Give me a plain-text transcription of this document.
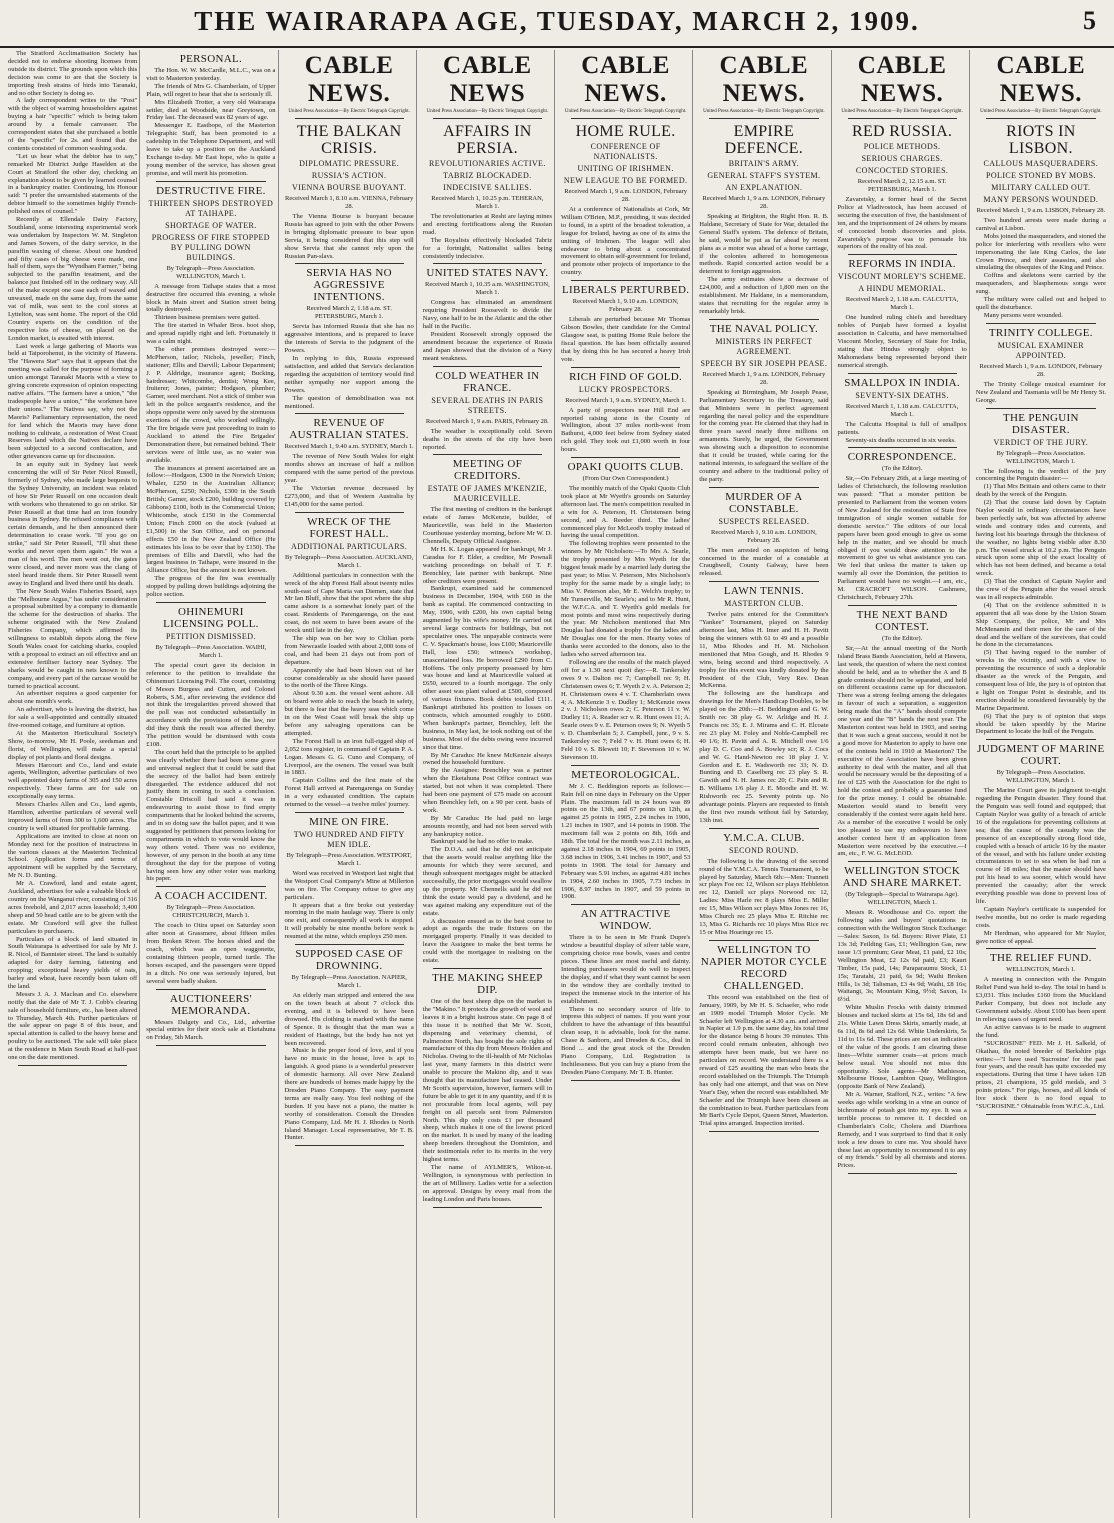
THE WAIRARAPA AGE, TUESDAY, MARCH 2, 1909.	5

The Stratford Acclimatisation Society has decided not to endorse shooting licenses from outside its district. The grounds upon which this decision was come to are that the Society is importing fresh strains of birds into Taranaki, and no other Society is doing so.

A lady correspondent writes to the "Post" with the object of warning householders against buying a hair "specific" which is being taken around by a female canvasser. The correspondent states that she purchased a bottle of the "specific" for 2s. and found that the contents consisted of common washing soda.

"Let us hear what the debtor has to say," remarked Mr District Judge Haselden at the Court at Stratford the other day, checking an explanation about to be given by learned counsel in a bankruptcy matter. Continuing, his Honour said: "I prefer the unvarnished statements of the debtor himself to the sometimes highly French-polished ones of counsel."

Recently at Ellendale Dairy Factory, Southland, some interesting experimental work was undertaken by Inspectors W. M. Singleton and James Sowers, of the dairy service, in the paraffin waxing of cheese. About one hundred and fifty cases of big cheese were made, one half of them, says the "Wyndham Farmer," being subjected to the paraffin treatment, and the balance just finished off in the ordinary way. All of the make except one case each of waxed and unwaxed, made on the same day, from the same vat of milk, was sent to the cool stores at Lyttelton, was sent home. The report of the Old Country experts on the condition of the respective lots of cheese, on placed on the London market, is awaited with interest.

Last week a large gathering of Maoris was held at Taiporohenui, in the vicinity of Hawera. The "Hawera Star" says that it appears that the meeting was called for the purpose of forming a union amongst Taranaki Maoris with a view to giving concrete expression of opinion respecting native affairs. "The farmers have a union," "the tradespeople have a union," "the workmen have their unions." The Natives say, why not the Maoris? Parliamentary representation, the need for land which the Maoris may have done nothing to cultivate, a restoration of West Coast Reserves land which the Natives declare have been subjected to a second confiscation, and other grievances came up for discussion.

In an equity suit in Sydney last week concerning the will of Sir Peter Nicol Russell, formerly of Sydney, who made large bequests to the Sydney University, an incident was related of how Sir Peter Russell on one occasion dealt with workers who threatened to go on strike. Sir Peter Russell at that time had an iron foundry business in Sydney. He refused compliance with certain demands, and he then announced their determination to cease work. "If you go on strike," said Sir Peter Russell, "I'll shut these works and never open them again." He was a man of his word. The men went out, the gates were closed, and never more was the clang of steel heard inside them. Sir Peter Russell went away to England and lived there until his death.

The New South Wales Fisheries Board, says the "Melbourne Argus," has under consideration a proposal submitted by a company to dismantle the scheme for the destruction of sharks. The scheme originated with the New Zealand Fisheries Company, which affirmed its willingness to establish depots along the New South Wales coast for catching sharks, coupled with a proposal to extract an oil effective and an extensive fertiliser factory near Sydney. The sharks would be caught in nets known to the company, and every part of the carcase would be turned to practical account.

An advertiser requires a good carpenter for about one month's work.

An advertiser, who is leaving the district, has for sale a well-appointed and centrally situated five-roomed cottage, and furniture at option.

At the Masterton Horticultural Society's Show, to-morrow, Mr H. Poole, seedsman and florist, of Wellington, will make a special display of pot plants and floral designs.

Messrs Harcourt and Co., land and estate agents, Wellington, advertise particulars of two well appointed dairy farms of 305 and 150 acres respectively. These farms are for sale on exceptionally easy terms.

Messrs Charles Allen and Co., land agents, Hamilton, advertise particulars of several well improved farms of from 300 to 1,600 acres. The country is well situated for profitable farming.

Applications are invited to close at noon on Monday next for the position of instructress in the various classes at the Masterton Technical School. Application forms and terms of appointment will be supplied by the Secretary, Mr N. D. Bunting.

Mr A. Crawford, land and estate agent, Auckland, advertises for sale a valuable block of country on the Wanganui river, consisting of 316 acres freehold, and 2,017 acres leasehold; 3,400 sheep and 50 head cattle are to be given with the estate. Mr Crawford will give the fullest particulars to purchasers.

Particulars of a block of land situated in South Wairarapa is advertised for sale by Mr J. R. Nicol, of Bannister street. The land is suitably adapted for dairy farming, fattening and cropping; exceptional heavy yields of oats, barley and wheat, have recently been taken off the land.

Messrs J. A. J. Maclean and Co. elsewhere notify that the date of Mr T. J. Cobb's clearing sale of household furniture, etc., has been altered to Thursday, March 4th. Further particulars of the sale appear on page 8 of this issue, and special attention is called to the heavy horse and poultry to be auctioned. The sale will take place at the residence in Main South Road at half-past one on the date mentioned.

PERSONAL.

The Hon. W. W. McCardle, M.L.C., was on a visit to Masterton yesterday.

The friends of Mrs G. Chamberlain, of Upper Plain, will regret to hear that she is seriously ill.

Mrs Elizabeth Trotter, a very old Wairarapa settler, died at Woodside, near Greytown, on Friday last. The deceased was 82 years of age.

Messenger E. Eastbope, of the Masterton Telegraphic Staff, has been promoted to a cadetship in the Telephone Department, and will leave to take up a position on the Auckland Exchange to-day. Mr East hope, who is quite a young member of the service, has shown great promise, and will merit his promotion.

DESTRUCTIVE FIRE.
THIRTEEN SHOPS DESTROYED AT TAIHAPE.
SHORTAGE OF WATER.
PROGRESS OF FIRE STOPPED BY PULLING DOWN BUILDINGS.
By Telegraph—Press Association. WELLINGTON, March 1.

A message from Taihape states that a most destructive fire occurred this evening, a whole block in Main street and Station street being totally destroyed.

Thirteen business premises were gutted.

The fire started in Whaler Bros. boot shop, and spread rapidly right and left. Fortunately it was a calm night.

The other premises destroyed were:—McPherson, tailor; Nichols, jeweller; Finch, stationer; Ellis and Darvill; Labour Department; J. P. Aldridge, insurance agent; Bucking, hairdresser; Whitcombe, dentist; Wong Kee, fruiterer; Jones, painter; Hodgson, plumber; Gamer, seed merchant. Not a stick of timber was left in the police sergeant's residence, and the shops opposite were only saved by the strenuous exertions of the crowd, who worked willingly. The fire brigade were just proceeding to train to Auckland to attend the Fire Brigades' Demonstration there, but remained behind. Their services were of little use, as no water was available.

The insurances at present ascertained are as follow:—Hodgson, £300 in the Norwich Union; Whaler, £250 in the Australian Alliance; McPherson, £250; Nichols, £300 in the South British; Garner, stock £200, building covered by Gibbons) £100, both in the Commercial Union; Whitcombe, stock £150 in the Commercial Union; Finch £900 on the stock (valued at £1,500) in the Sun Office, and on personal effects £50 in the New Zealand Office (He estimates his loss to be over that by £150). The premises of Ellis and Darvill, who had the largest business in Taihape, were insured in the Alliance Office, but the amount is not known.

The progress of the fire was eventually stopped by pulling down buildings adjoining the police section.

OHINEMURI LICENSING POLL.
PETITION DISMISSED.
By Telegraph—Press Association. WAIHI, March 1.

The special court gave its decision in reference to the petition to invalidate the Ohinemuri Licensing Poll. The court, consisting of Messrs Burgess and Cutten, and Colonel Roberts, S.M., after reviewing the evidence did not think the irregularities proved showed that the poll was not conducted substantially in accordance with the provisions of the law, nor did they think the result was affected thereby. The petition would be dismissed with costs £108.

The court held that the principle to be applied was clearly whether there had been some grave and universal neglect that it could be said that the secrecy of the ballot had been entirely disregarded. The evidence adduced did not justify them in coming to such a conclusion. Constable Driscoll had said it was in endeavouring to assist those to find empty compartments that he looked behind the screens, and in so doing saw the ballot paper, and it was suggested by petitioners that persons looking for compartments in which to vote would know the way others voted. There was no evidence, however, of any person in the booth at any time throughout the day for the purpose of voting having seen how any other voter was marking his paper.

A COACH ACCIDENT.
By Telegraph—Press Association. CHRISTCHURCH, March 1.

The coach to Otira upset on Saturday soon after noon at Grassmere, about fifteen miles from Broken River. The horses shied and the coach, which was an open waggonette, containing thirteen people, turned turtle. The horses escaped, and the passengers were tipped in a ditch. No one was seriously injured, but several were badly shaken.

AUCTIONEERS' MEMORANDA.

Messrs Dalgety and Co., Ltd., advertise special entries for their stock sale at Eketahuna on Friday, 5th March.

CABLE NEWS.
United Press Association—By Electric Telegraph Copyright.
THE BALKAN CRISIS.
DIPLOMATIC PRESSURE.
RUSSIA'S ACTION.
VIENNA BOURSE BUOYANT.
Received March 1, 8.10 a.m. VIENNA, February 28.

The Vienna Bourse is buoyant because Russia has agreed to join with the other Powers in bringing diplomatic pressure to bear upon Servia, it being considered that this step will show Servia that she cannot rely upon the Russian Pan-slavs.

SERVIA HAS NO AGGRESSIVE INTENTIONS.
Received March 2, 1.18 a.m. ST. PETERSBURG, March 1.

Servia has informed Russia that she has no aggressive intentions, and is prepared to leave the interests of Servia to the judgment of the Powers.

In replying to this, Russia expressed satisfaction, and added that Servia's declaration regarding the acquisition of territory would find neither sympathy nor support among the Powers.

The question of demobilisation was not mentioned.

REVENUE OF AUSTRALIAN STATES.
Received March 1, 9.40 a.m. SYDNEY, March 1.

The revenue of New South Wales for eight months shows an increase of half a million compared with the same period of the previous year.

The Victorian revenue decreased by £273,000, and that of Western Australia by £145,000 for the same period.

WRECK OF THE FOREST HALL.
ADDITIONAL PARTICULARS.
By Telegraph—Press Association. AUCKLAND, March 1.

Additional particulars in connection with the wreck of the ship Forest Hall about twenty miles south-east of Cape Maria van Diemen, state that Mr Ian Bluff, show that the spot where the ship came ashore is a somewhat lonely part of the coast. Residents of Parengarenga, on the east coast, do not seem to have been aware of the wreck until late in the day.

The ship was on her way to Chilian ports from Newcastle loaded with about 2,000 tons of coal, and had been 21 days out from port of departure.

Apparently she had been blown out of her course considerably as she should have passed to the north of the Three Kings.

About 9.30 a.m. the vessel went ashore. All on board were able to reach the beach in safety, but there is fear that the heavy seas which come in on the West Coast will break the ship up before any salvaging operations can be attempted.

The Forest Hall is an iron full-rigged ship of 2,052 tons register, in command of Captain P. A. Logan. Messrs G. G. Cuno and Company, of Liverpool, are the owners. The vessel was built in 1883.

Captain Collins and the first mate of the Forest Hall arrived at Parengarenga on Sunday in a very exhausted condition. The captain returned to the vessel—a twelve miles' journey.

MINE ON FIRE.
TWO HUNDRED AND FIFTY MEN IDLE.
By Telegraph—Press Association. WESTPORT, March 1.

Word was received in Westport last night that the Westport Coal Company's Mine at Millerton was on fire. The Company refuse to give any particulars.

It appears that a fire broke out yesterday morning in the main haulage way. There is only one exit, and consequently all work is stopped. It will probably be nine months before work is resumed at the mine, which employs 250 men.

SUPPOSED CASE OF DROWNING.
By Telegraph—Press Association. NAPIER, March 1.

An elderly man stripped and entered the sea on the town beach at about 7 o'clock this evening, and it is believed to have been drowned. His clothing is marked with the name of Spence. It is thought that the man was a resident of Hastings, but the body has not yet been recovered.

Music is the proper food of love, and if you have no music in the house, love is apt to languish. A good piano is a wonderful preserver of domestic harmony. All over New Zealand there are hundreds of homes made happy by the Dresden Piano Company. The easy payment terms are really easy. You feel nothing of the burden. If you have not a piano, the matter is worthy of consideration. Consult the Dresden Piano Company, Ltd. Mr H. J. Rhodes is North Island Manager. Local representative, Mr T. B. Hunter.

CABLE NEWS
United Press Association—By Electric Telegraph Copyright.
AFFAIRS IN PERSIA.
REVOLUTIONARIES ACTIVE.
TABRIZ BLOCKADED.
INDECISIVE SALLIES.
Received March 1, 10.25 p.m. TEHERAN, March 1.

The revolutionaries at Resht are laying mines and erecting fortifications along the Russian road.

The Royalists effectively blockaded Tabriz for a fortnight, Nationalist sallies being consistently indecisive.

UNITED STATES NAVY.
Received March 1, 10.35 a.m. WASHINGTON, March 1.

Congress has eliminated an amendment requiring President Roosevelt to divide the Navy, one half to be in the Atlantic and the other half in the Pacific.

President Roosevelt strongly opposed the amendment because the experience of Russia and Japan showed that the division of a Navy meant weakness.

COLD WEATHER IN FRANCE.
SEVERAL DEATHS IN PARIS STREETS.
Received March 1, 9 a.m. PARIS, February 28.

The weather is exceptionally cold. Seven deaths in the streets of the city have been reported.

MEETING OF CREDITORS.
ESTATE OF JAMES M'KENZIE, MAURICEVILLE.

The first meeting of creditors in the bankrupt estate of James McKenzie, builder, of Mauriceville, was held in the Masterton Courthouse yesterday morning, before Mr W. D. Chennells, Deputy Official Assignee.

Mr H. K. Logan appeared for bankrupt, Mr J. Caradus for F. Elder, a creditor, Mr Pownall watching proceedings on behalf of T. F. Brenchley, late partner with bankrupt. Nine other creditors were present.

Bankrupt, examined said he commenced business in December, 1904, with £60 in the bank as capital. He commenced contracting in May, 1906, with £200, his own capital being augmented by his wife's money. He carried out several large contracts for buildings, but not speculative ones. The unpayable contracts were C. V. Spackman's house, loss £100; Mauriceville Hall, loss £50; witness's workshop, unascertained loss. He borrowed £290 from C. Hoffens. The only property possessed by him was house and land at Mauriceville valued at £650, secured to a fourth mortgage. The only other asset was plant valued at £500, composed of various fixtures. Book debts totalled £111. Bankrupt attributed his position to losses on contracts, which amounted roughly to £600. When bankrupt's partner, Brenchley, left the business, in May last, he took nothing out of the business. Most of the debts owing were incurred since that time.

By Mr Caradus: He knew McKenzie always owned the household furniture.

By the Assignee: Brenchley was a partner when the Eketahuna Post Office contract was started, but not when it was completed. There had been one payment of £75 made on account when Brenchley left, on a 90 per cent. basis of work.

By Mr Caradus: He had paid no large amounts recently, and had not been served with any bankruptcy notice.

Bankrupt said he had no offer to make.

The D.O.A. said that he did not anticipate that the assets would realise anything like the amounts for which they were secured, and though subsequent mortgages might be attacked successfully, the prior mortgages would swallow up the property. Mr Chennells said he did not think the estate would pay a dividend, and he was against making any expenditure out of the estate.

A discussion ensued as to the best course to adopt as regards the trade fixtures on the mortgaged property. Finally it was decided to leave the Assignee to make the best terms he could with the mortgagee in realising on the estate.

THE MAKING SHEEP DIP.

One of the best sheep dips on the market is the "Makino." It protects the growth of wool and leaves it in a bright lustrous state. On page 8 of this issue it is notified that Mr W. Scott, dispensing and veterinary chemist, of Palmerston North, has bought the sole rights of manufacture of this dip from Messrs Holden and Nicholas. Owing to the ill-health of Mr Nicholas last year, many farmers in this district were unable to procure the Makino dip, and it was thought that its manufacture had ceased. Under Mr Scott's supervision, however, farmers will in future be able to get it in any quantity, and if it is not procurable from local agents, will pay freight on all parcels sent from Palmerston North. This dip only costs £1 per thousand sheep, which makes it one of the lowest priced on the market. It is used by many of the leading sheep breeders throughout the Dominion, and their testimonials refer to its merits in the very highest terms.

The name of AYLMER'S, Wilton-st. Wellington, is synonymous with perfection in the art of Millinery. Ladies write for a selection on approval. Designs by every mail from the leading London and Paris houses.

CABLE NEWS.
United Press Association—By Electric Telegraph Copyright.
HOME RULE.
CONFERENCE OF NATIONALISTS.
UNITING OF IRISHMEN.
NEW LEAGUE TO BE FORMED.
Received March 1, 9 a.m. LONDON, February 28.

At a conference of Nationalists at Cork, Mr William O'Brien, M.P., presiding, it was decided to found, in a spirit of the broadest toleration, a league for Ireland, having as one of its aims the uniting of Irishmen. The league will also endeavour to bring about a concentrated movement to obtain self-government for Ireland, and promote other projects of importance to the country.

LIBERALS PERTURBED.
Received March 1, 9.10 a.m. LONDON, February 28.

Liberals are perturbed because Mr Thomas Gibson Bowles, their candidate for the Central Glasgow seat, is putting Home Rule before the fiscal question. He has been officially assured that by doing this he has secured a heavy Irish vote.

RICH FIND OF GOLD.
LUCKY PROSPECTORS.
Received March 1, 9 a.m. SYDNEY, March 1.

A party of prospectors near Hill End are reported raising stone in the County of Wellington, about 37 miles north-west from Bathurst, 4,000 feet below from Sydney stated rich gold. They took out £1,000 worth in four hours.

OPAKI QUOITS CLUB.
(From Our Own Correspondent.)

The monthly match of the Opaki Quoits Club took place at Mr Wyeth's grounds on Saturday afternoon last. The men's competition resulted in a win for A. Peterson, H. Christensen being second, and A. Reeder third. The ladies' commenced play for McLeod's trophy instead of having the usual competition.

The following trophies were presented to the winners by Mr Nicholson:—To Mrs A. Searle, the trophy presented by Mrs Wyeth for the biggest break made by a married lady during the past year; to Miss V. Peterson, Mrs Nicholson's trophy for the same made by a single lady; to Miss V. Peterson also, Mr E. Welch's trophy; to Mr Turnerville, Mr Searle's; and to Mr R. Hunt, the W.F.C.A. and T. Wyeth's gold medals for most points and most wins respectively during the year. Mr Nicholson mentioned that Mrs Douglas had donated a trophy for the ladies and Mr Douglas one for the men. Hearty votes of thanks were accorded to the donors, also to the ladies who served afternoon tea.

Following are the results of the match played off for a 1.30 next quoit day:—R. Tankersley owes 9 v. Dalton rec 7; Campbell rec 9; H. Christensen owes 6; T. Wyeth 2 v. A. Peterson 2; H. Christensen owes 4 v. T. Chamberlain owes 4; A. McKenzie 3 v. Dudley 1; McKenzie owes 2 v. J. Nicholson owes 2; C. Peterson 11 v. W. Dudley 11; A. Reader scr v. R. Hunt owes 11; A. Searle owes 9 v. E. Peterson owes 9; N. Wyeth 5 v. D. Chamberlain 5; J. Campbell, junr., 9 v. S. Tankersley rec 7; Feld 7 v. H. Hunt owes 6; H. Feld 10 v. S. Blewett 10; F. Stevenson 10 v. W. Stevenson 10.

METEOROLOGICAL.

Mr J. C. Beddington reports as follows:—Rain fell on nine days in February on the Upper Plain. The maximum fall in 24 hours was 89 points on the 13th, and 67 points on 12th, as against 25 points in 1905, 2.24 inches in 1906, 1.21 inches in 1907, and 14 points in 1908. The maximum fall was 2 points on 8th, 16th and 18th. The total for the month was 2.11 inches, as against 2.18 inches in 1904, 69 points in 1905, 3.68 inches in 1906, 3.41 inches in 1907, and 53 points in 1908. The total for January and February was 5.91 inches, as against 4.81 inches in 1904, 2.60 inches in 1905, 7.73 inches in 1906, 8.97 inches in 1907, and 59 points in 1908.

AN ATTRACTIVE WINDOW.

There is to be seen in Mr Frank Dupre's window a beautiful display of silver table ware, comprising choice rose bowls, vases and centre pieces. These lines are most useful and dainty. Intending purchasers would do well to inspect the display, and if what they want cannot be seen in the window they are cordially invited to inspect the immense stock in the interior of his establishment.

There is no secondary source of life to impress this subject of names. If you want your children to have the advantage of this beautiful clean soap, it is advisable, look for the name. Chase & Sanborn, and Dresden & Co., deal in Bond ... and the great stock of the Dresden Piano Company, Ltd. Registration is Inchilessness. But you can buy a piano from the Dresden Piano Company. Mr T. B. Hunter.

CABLE NEWS.
United Press Association—By Electric Telegraph Copyright.
EMPIRE DEFENCE.
BRITAIN'S ARMY.
GENERAL STAFF'S SYSTEM.
AN EXPLANATION.
Received March 1, 9 a.m. LONDON, February 28.

Speaking at Brighton, the Right Hon. R. B. Haldane, Secretary of State for War, detailed the General Staff's system. The defence of Britain, he said, would be put as far ahead by recent plans as a motor was ahead of a horse carriage, if the colonies adhered to homogeneous methods. Rapid concerted action would be a deterrent to foreign aggression.

The army estimates show a decrease of £24,000, and a reduction of 1,800 men on the establishment. Mr Haldane, in a memorandum, states that recruiting for the regular army is remarkably brisk.

THE NAVAL POLICY.
MINISTERS IN PERFECT AGREEMENT.
SPEECH BY SIR JOSEPH PEASE.
Received March 1, 9 a.m. LONDON, February 28.

Speaking at Birmingham, Mr Joseph Pease, Parliamentary Secretary to the Treasury, said that Ministers were in perfect agreement regarding the naval policy and the expenditure for the coming year. He claimed that they had in three years saved nearly three millions on armaments. Surely, he urged, the Government was showing such a disposition to economise that it could be trusted, while caring for the national interests, to safeguard the welfare of the country and adhere to the traditional policy of the party.

MURDER OF A CONSTABLE.
SUSPECTS RELEASED.
Received March 1, 9.10 a.m. LONDON, February 28.

The men arrested on suspicion of being concerned in the murder of a constable at Craughwell, County Galway, have been released.

LAWN TENNIS.
MASTERTON CLUB.

Twelve pairs entered for the Committee's "Yankee" Tournament, played on Saturday afternoon last, Miss H. Imer and H. H. Pavitt being the winners with 61 to 49 and a possible 11, Miss Rhodes and H. M. Nicholson mentioned that Miss Gough, and H. Rhodes 9 wins, being second and third respectively. A trophy for this event was kindly donated by the President of the Club, Very Rev. Dean McKenna.

The following are the handicaps and drawings for the Men's Handicap Doubles, to be played on the 20th:—H. Beddington and G. W. Smith rec 38 play G. W. Arlidge and H. J. Francis rec 35; E. J. Mirams and C. H. Elcoate rec 23 play M. Foley and Noble-Campbell rec 40 1/6; H. Pavitt and A. R. Mitchell owe 1/6 play D. C. Coo and A. Bowley scr; R. J. Cocs and W. G. Hand-Newton rec 18 play J. V. Gordon and E. E. Wadsworth rec 33; N. D. Bunting and D. Caselberg rec 23 play S. R. Gawith and N. H. James rec 20; C. Pain and R. B. Williams 1/6 play J. E. Moodie and H. W. Rishworth rec 25. Seventy points up. No advantage points. Players are requested to finish the first two rounds without fail by Saturday, 13th inst.

Y.M.C.A. CLUB.
SECOND ROUND.

The following is the drawing of the second round of the Y.M.C.A. Tennis Tournament, to be played by Saturday, March 6th:—Men: Trannett scr plays Foe rec 12, Wilson scr plays Hebbleton rec 12, Daniell scr plays Norwood rec 12, Ladies: Miss Harle rec 8 plays Miss E. Miller rec 15, Miss Wilson scr plays Miss Jones rec 16, Miss Church rec 25 plays Miss E. Ritchie rec 13, Miss G. Richards rec 10 plays Miss Rice rec 15 or Miss Hoaringe rec 15.

WELLINGTON TO NAPIER MOTOR CYCLE RECORD CHALLENGED.

This record was established on the first of January, 1909, by Mr H. S. Schaefer, who rode an 1909 model Triumph Motor Cycle. Mr Schaefer left Wellington at 4.30 a.m. and arrived in Napier at 1.9 p.m. the same day, his total time for the distance being 8 hours 39 minutes. This record could remain unbeaten, although two attempts have been made, but we have no particulars on record. We understand there is a reward of £25 awaiting the man who beats the record established on the Triumph. The Triumph has only had one attempt, and that was on New Year's Day, when the record was established. Mr Schaefer and the Triumph have been chosen as the combination to beat. Further particulars from Mr Bart's Cycle Depot, Queen Street, Masterton. Trial spins arranged. Inspection invited.

CABLE NEWS.
United Press Association—By Electric Telegraph Copyright.
RED RUSSIA.
POLICE METHODS.
SERIOUS CHARGES.
CONCOCTED STORIES.
Received March 2, 12.15 a.m. ST. PETERSBURG, March 1.

Zavaretsky, a former head of the Secret Police at Vladivostock, has been accused of securing the execution of five, the banishment of ten, and the imprisonment of 24 others by means of concocted bomb discoveries and plots. Zavaretsky's purpose was to persuade his superiors of the reality of his zeal.

REFORMS IN INDIA.
VISCOUNT MORLEY'S SCHEME.
A HINDU MEMORIAL.
Received March 2, 1.18 a.m. CALCUTTA, March 1.

One hundred ruling chiefs and hereditary nobles of Punjab have formed a loyalist association in Calcutta, and have memorialised Viscount Morley, Secretary of State for India, stating that Hindus strongly object to Mahomedans being represented beyond their numerical strength.

SMALLPOX IN INDIA.
SEVENTY-SIX DEATHS.
Received March 1, 1.18 a.m. CALCUTTA, March 1.

The Calcutta Hospital is full of smallpox patients.

Seventy-six deaths occurred in six weeks.

CORRESPONDENCE.
(To the Editor).

Sir,—On February 26th, at a large meeting of ladies of Christchurch, the following resolution was passed: "That a monster petition be presented to Parliament from the women voters of New Zealand for the restoration of State free immigration of single women suitable for domestic service." The editors of our local papers have been good enough to give us some help in the matter, and we should be much obliged if you would draw attention to the movement to give us what assistance you can. We feel that unless the matter is taken up warmly all over the Dominion, the petition to Parliament would have no weight.—I am, etc., M. CRACROFT WILSON. Cashmere, Christchurch, February 27th.

THE NEXT BAND CONTEST.
(To the Editor).

Sir,—At the annual meeting of the North Island Brass Bands Association, held at Hawera, last week, the question of where the next contest should be held, and as to whether the A and B grade contests should not be separated, and held on different occasions came up for discussion. There was a strong feeling among the delegates in favour of such a separation, a suggestion being made that the "A" bands should compete one year and the "B" bands the next year. The Masterton contest was held in 1903, and seeing that it was such a great success, would it not be a good move for Masterton to apply to have one of the contests held in 1910 at Masterton? The executive of the Association have been given authority to deal with the matter, and all that would be necessary would be the depositing of a fee of £25 with the Association for the right to hold the contest and probably a guarantee fund for the prize money. I could be obtainable. Masterton would stand to benefit very considerably if the contest were again held here. As a member of the executive I would be only too pleased to use my endeavours to have another contest here if an application from Masterton were received by the executive.—I am, etc., F. W. G. McLEOD.

WELLINGTON STOCK AND SHARE MARKET.
(By Telegraph—Special to Wairarapa Age). WELLINGTON, March 1.

Messrs R. Woodhouse and Co. report the following sales and buyers' quotations in connection with the Wellington Stock Exchange:—Sales: Saxon, 1s 6d. Buyers: River Plate, £1 13s 3d; Feilding Gas, £1; Wellington Gas, new issue 1/3 premium; Gear Meat, £1 paid, £2 10s; Wellington Meat, £2 12s 6d paid, £3; Kauri Timber, 15s paid, 14s; Paraparaumu Stock, £1 15s; Taratahi, 21 paid, 6s 9d; Waihi Broken Hills, 1s 3d; Talisman, £3 4s 9d; Waihi, £8 16s; Waitangi, 3s; Mountain King, 9½d; Saxon, 1s 6½d.

White Muslin Frocks with dainty trimmed blouses and tucked skirts at 15s 6d, 18s 6d and 21s. White Lawn Dress Skirts, smartly made, at 6s 11d, 8s 6d and 12s 6d. White Underskirts, 5s 11d to 11s 6d. These prices are not an indication of the value of the goods. I am clearing these lines—White summer coats—at prices much below usual. You should not miss this opportunity. Sole agents—Mr Mathieson, Melbourne House, Lambton Quay, Wellington (opposite Bank of New Zealand).

Mr A. Warner, Stafford, N.Z., writes: "A few weeks ago while working in a vine an ounce of bichromate of potash got into my eye. It was a terrible process to remove it. I decided on Chamberlain's Colic, Cholera and Diarrhoea Remedy, and I was surprised to find that it only took a few doses to cure me. You should have these last an opportunity to recommend it to any of my friends." Sold by all chemists and stores. Prices.

CABLE NEWS.
United Press Association—By Electric Telegraph Copyright.
RIOTS IN LISBON.
CALLOUS MASQUERADERS.
POLICE STONED BY MOBS.
MILITARY CALLED OUT.
MANY PERSONS WOUNDED.
Received March 1, 9 a.m. LISBON, February 28.

Two hundred arrests were made during a carnival at Lisbon.

Mobs joined the masqueraders, and stoned the police for interfering with revellers who were impersonating the late King Carlos, the late Crown Prince, and their assassins, and also simulating the obsequies of the King and Prince.

Coffins and skeletons were carried by the masqueraders, and blasphemous songs were sung.

The military were called out and helped to quell the disturbance.

Many persons were wounded.

TRINITY COLLEGE.
MUSICAL EXAMINER APPOINTED.
Received March 1, 9 a.m. LONDON, February 28.

The Trinity College musical examiner for New Zealand and Tasmania will be Mr Henry St. George.

THE PENGUIN DISASTER.
VERDICT OF THE JURY.
By Telegraph—Press Association. WELLINGTON, March 1.

The following is the verdict of the jury concerning the Penguin disaster:—

(1) That Mrs Brittain and others came to their death by the wreck of the Penguin.

(2) That the course laid down by Captain Naylor would in ordinary circumstances have been perfectly safe, but was affected by adverse winds and contrary tides and currents, and having lost his bearings through the thickness of the weather, no lights being visible after 8.30 p.m. The vessel struck at 10.2 p.m. The Penguin struck upon some ship of the exact locality of which has not been defined, and became a total wreck.

(3) That the conduct of Captain Naylor and the crew of the Penguin after the vessel struck was in all respects admirable.

(4) That on the evidence submitted it is apparent that all was done by the Union Steam Ship Company, the police, Mr and Mrs McMenamin and their men for the care of the dead and the welfare of the survivors, that could be done in the circumstances.

(5) That having regard to the number of wrecks in the vicinity, and with a view to preventing the recurrence of such a deplorable disaster as the wreck of the Penguin, and consequent loss of life, the jury is of opinion that a light on Tongue Point is desirable, and its erection should be considered favourably by the Marine Department.

(6) That the jury is of opinion that steps should be taken speedily by the Marine Department to locate the hull of the Penguin.

JUDGMENT OF MARINE COURT.
By Telegraph—Press Association. WELLINGTON, March 1.

The Marine Court gave its judgment to-night regarding the Penguin disaster. They found that the Penguin was well found and equipped; that Captain Naylor was guilty of a breach of article 16 of the regulations for preventing collisions at sea; that the cause of the casualty was the presence of an exceptionally strong flood tide, coupled with a breach of article 16 by the master of the vessel, and with his failure under existing circumstances to set to sea when he had run a course of 18 miles; that the master should have put his head to sea sooner, which would have prevented the casualty; after the wreck everything possible was done to prevent loss of life.

Captain Naylor's certificate is suspended for twelve months, but no order is made regarding costs.

Mr Herdman, who appeared for Mr Naylor, gave notice of appeal.

THE RELIEF FUND.
WELLINGTON, March 1.

A meeting in connection with the Penguin Relief Fund was held to-day. The total in hand is £3,031. This includes £160 from the Muckland Parker Company, but does not include any Government subsidy. About £100 has been spent in relieving cases of urgent need.

An active canvass is to be made to augment the fund.

"SUCROSINE" FED. Mr J. H. Salkeld, of Okaihau, the noted breeder of Berkshire pigs writes:—"I have used 'Sucrosine' for the past four years, and the result has quite exceeded my expectations. During that time I have taken 128 prizes, 21 champions, 15 gold medals, and 3 points prizes." For pigs, horses, and all kinds of live stock there is no food equal to "SUCROSINE." Obtainable from W.F.C.A., Ltd.
